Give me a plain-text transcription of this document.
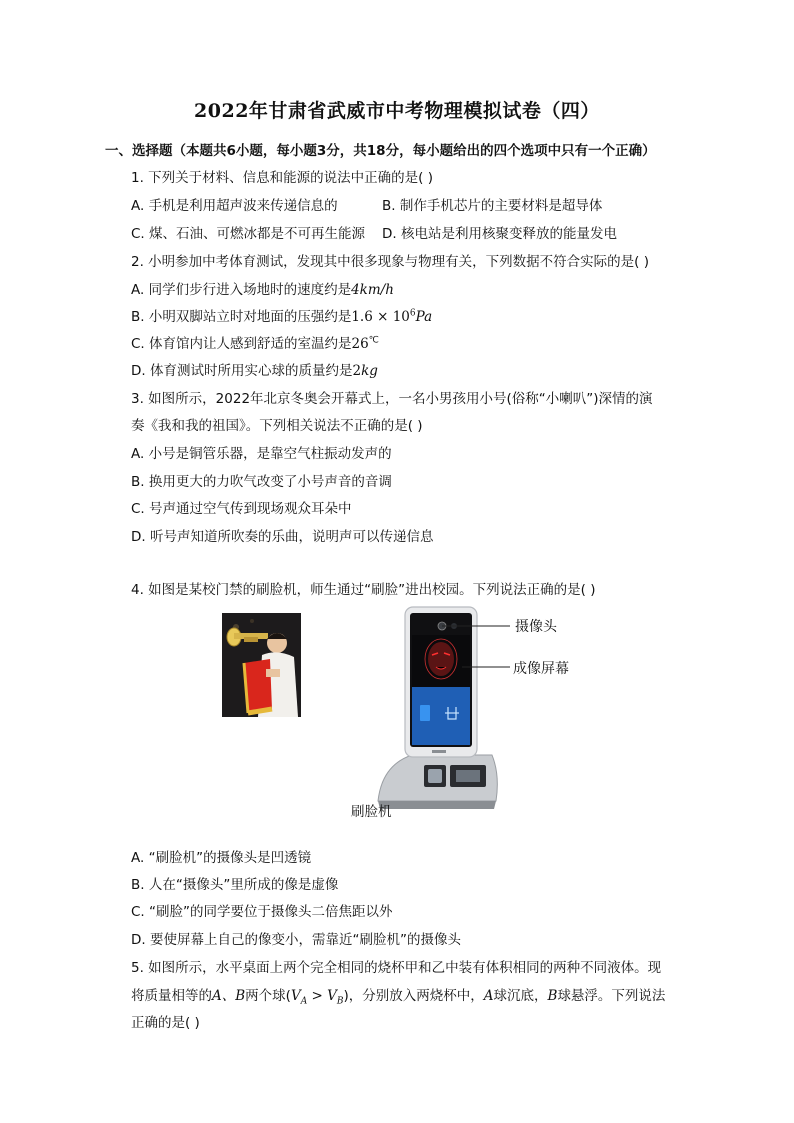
2022年甘肃省武威市中考物理模拟试卷（四）
一、选择题（本题共6小题，每小题3分，共18分，每小题给出的四个选项中只有一个正确）
1. 下列关于材料、信息和能源的说法中正确的是( )
A. 手机是利用超声波来传递信息的	B. 制作手机芯片的主要材料是超导体
C. 煤、石油、可燃冰都是不可再生能源 D. 核电站是利用核聚变释放的能量发电
2. 小明参加中考体育测试，发现其中很多现象与物理有关，下列数据不符合实际的是( )
A. 同学们步行进入场地时的速度约是4km/h
B. 小明双脚站立时对地面的压强约是$1.6 \times 10^6Pa$
C. 体育馆内让人感到舒适的室温约是26℃
D. 体育测试时所用实心球的质量约是2kg
3. 如图所示，2022年北京冬奥会开幕式上，一名小男孩用小号(俗称“小喇叭”)深情的演
奏《我和我的祖国》。下列相关说法不正确的是( )
A. 小号是铜管乐器，是靠空气柱振动发声的
B. 换用更大的力吹气改变了小号声音的音调
C. 号声通过空气传到现场观众耳朵中
D. 听号声知道所吹奏的乐曲，说明声可以传递信息
4. 如图是某校门禁的刷脸机，师生通过“刷脸”进出校园。下列说法正确的是( )
摄像头
成像屏幕
刷脸机
A. “刷脸机”的摄像头是凹透镜
B. 人在“摄像头”里所成的像是虚像
C. “刷脸”的同学要位于摄像头二倍焦距以外
D. 要使屏幕上自己的像变小，需靠近“刷脸机”的摄像头
5. 如图所示，水平桌面上两个完全相同的烧杯甲和乙中装有体积相同的两种不同液体。现
将质量相等的A、B两个球$(V_A > V_B)$，分别放入两烧杯中，A球沉底，B球悬浮。下列说法
正确的是( )
